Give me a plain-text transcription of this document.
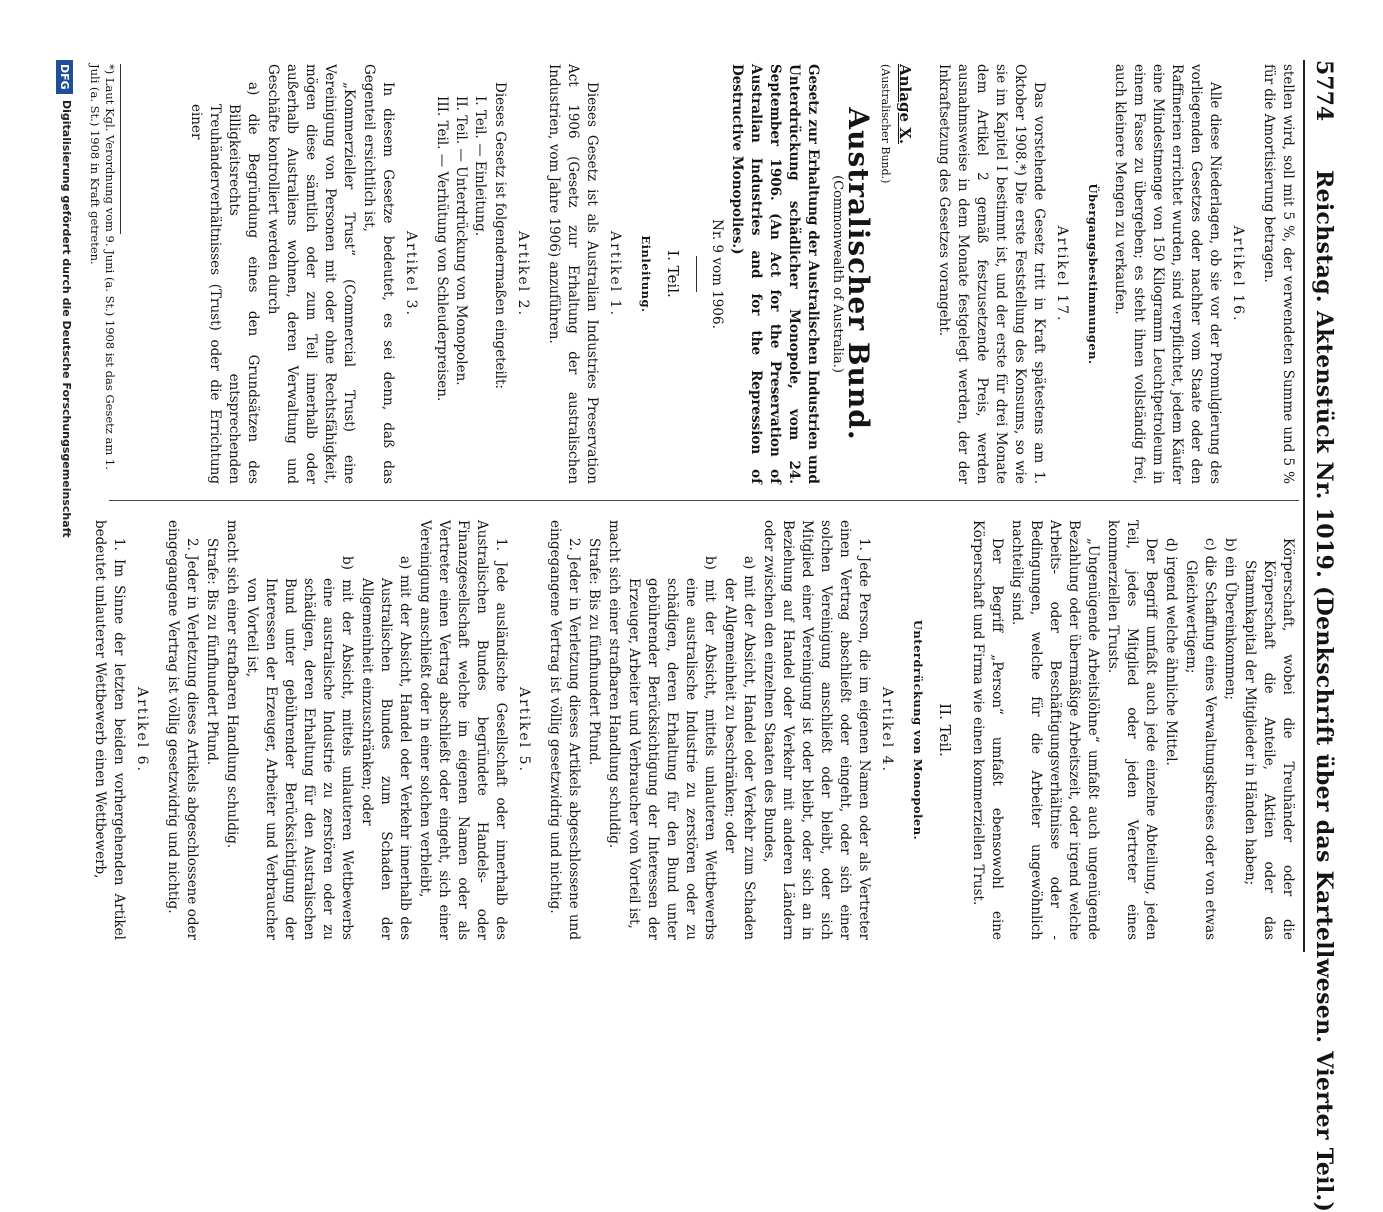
5774
Reichstag. Aktenstück Nr. 1019. (Denkschrift über das Kartellwesen. Vierter Teil.)

stellen wird, soll mit 5 %, der verwendeten Summe und 5 % für die Amortisierung betragen.

Artikel 16.

Alle diese Niederlagen, ob sie vor der Promulgierung des vorliegenden Gesetzes oder nachher vom Staate oder den Raffinerien errichtet wurden, sind verpflichtet, jedem Käufer eine Mindestmenge von 150 Kilogramm Leuchtpetroleum in einem Fasse zu übergeben; es steht ihnen vollständig frei, auch kleinere Mengen zu verkaufen.

Übergangsbestimmungen.
Artikel 17.

Das vorstehende Gesetz tritt in Kraft spätestens am 1. Oktober 1908.*) Die erste Feststellung des Konsums, so wie sie im Kapitel I bestimmt ist, und der erste für drei Monate dem Artikel 2 gemäß festzusetzende Preis, werden ausnahmsweise in dem Monate festgelegt werden, der der Inkraftsetzung des Gesetzes vorangeht.

Anlage X.
(Australischer Bund.)
Australischer Bund.
(Commonwealth of Australia.)

Gesetz zur Erhaltung der Australischen Industrien und Unterdrückung schädlicher Monopole, vom 24. September 1906. (An Act for the Preservation of Australian Industries and for the Repression of Destructive Monopolies.)

Nr. 9 vom 1906.
I. Teil.
Einleitung.
Artikel 1.

Dieses Gesetz ist als Australian Industries Preservation Act 1906 (Gesetz zur Erhaltung der australischen Industrien, vom Jahre 1906) anzuführen.

Artikel 2.

Dieses Gesetz ist folgendermaßen eingeteilt:

I. Teil. — Einleitung.
II. Teil. — Unterdrückung von Monopolen.
III. Teil. — Verhütung von Schleuderpreisen.
Artikel 3.

In diesem Gesetze bedeutet, es sei denn, daß das Gegenteil ersichtlich ist,

„Kommerzieller Trust“ (Commercial Trust) eine Vereinigung von Personen mit oder ohne Rechtsfähigkeit, mögen diese sämtlich oder zum Teil innerhalb oder außerhalb Australiens wohnen, deren Verwaltung und Geschäfte kontrolliert werden durch

a) die Begründung eines den Grundsätzen des Billigkeitsrechts entsprechenden Treuhänderverhältnisses (Trust) oder die Errichtung einer

*) Laut Kgl. Verordnung vom 9. Juni (a. St.) 1908 ist das Gesetz am 1. Juli (a. St.) 1908 in Kraft getreten.

Körperschaft, wobei die Treuhänder oder die Körperschaft die Anteile, Aktien oder das Stammkapital der Mitglieder in Händen haben;

b) ein Übereinkommen;

c) die Schaffung eines Verwaltungskreises oder von etwas Gleichwertigem;

d) irgend welche ähnliche Mittel.

Der Begriff umfaßt auch jede einzelne Abteilung, jeden Teil, jedes Mitglied oder jeden Vertreter eines kommerziellen Trusts.

„Ungenügende Arbeitslöhne“ umfaßt auch ungenügende Bezahlung oder übermäßige Arbeitszeit, oder irgend welche Arbeits- oder Beschäftigungsverhältnisse oder -Bedingungen, welche für die Arbeiter ungewöhnlich nachteilig sind.

Der Begriff „Person“ umfaßt ebensowohl eine Körperschaft und Firma wie einen kommerziellen Trust.

II. Teil.
Unterdrückung von Monopolen.
Artikel 4.

1. Jede Person, die im eigenen Namen oder als Vertreter einen Vertrag abschließt oder eingeht, oder sich einer solchen Vereinigung anschließt oder bleibt, oder sich Mitglied einer Vereinigung ist oder bleibt, oder sich an in Beziehung auf Handel oder Verkehr mit anderen Ländern oder zwischen den einzelnen Staaten des Bundes,

a) mit der Absicht, Handel oder Verkehr zum Schaden der Allgemeinheit zu beschränken; oder

b) mit der Absicht, mittels unlauteren Wettbewerbs eine australische Industrie zu zerstören oder zu schädigen, deren Erhaltung für den Bund unter gebührender Berücksichtigung der Interessen der Erzeuger, Arbeiter und Verbraucher von Vorteil ist,

macht sich einer strafbaren Handlung schuldig.

Strafe: Bis zu fünfhundert Pfund.

2. Jeder in Verletzung dieses Artikels abgeschlossene und eingegangene Vertrag ist völlig gesetzwidrig und nichtig.

Artikel 5.

1. Jede ausländische Gesellschaft oder innerhalb des Australischen Bundes begründete Handels- oder Finanzgesellschaft welche im eigenen Namen oder als Vertreter einen Vertrag abschließt oder eingeht, sich einer Vereinigung anschließt oder in einer solchen verbleibt,

a) mit der Absicht, Handel oder Verkehr innerhalb des Australischen Bundes zum Schaden der Allgemeinheit einzuschränken; oder

b) mit der Absicht, mittels unlauteren Wettbewerbs eine australische Industrie zu zerstören oder zu schädigen, deren Erhaltung für den Australischen Bund unter gebührender Berücksichtigung der Interessen der Erzeuger, Arbeiter und Verbraucher von Vorteil ist,

macht sich einer strafbaren Handlung schuldig.

Strafe: Bis zu fünfhundert Pfund.

2. Jeder in Verletzung dieses Artikels abgeschlossene oder eingegangene Vertrag ist völlig gesetzwidrig und nichtig.

Artikel 6.

1. Im Sinne der letzten beiden vorhergehenden Artikel bedeutet unlauterer Wettbewerb einen Wettbewerb,

DFG
Digitalisierung gefördert durch die Deutsche Forschungsgemeinschaft
